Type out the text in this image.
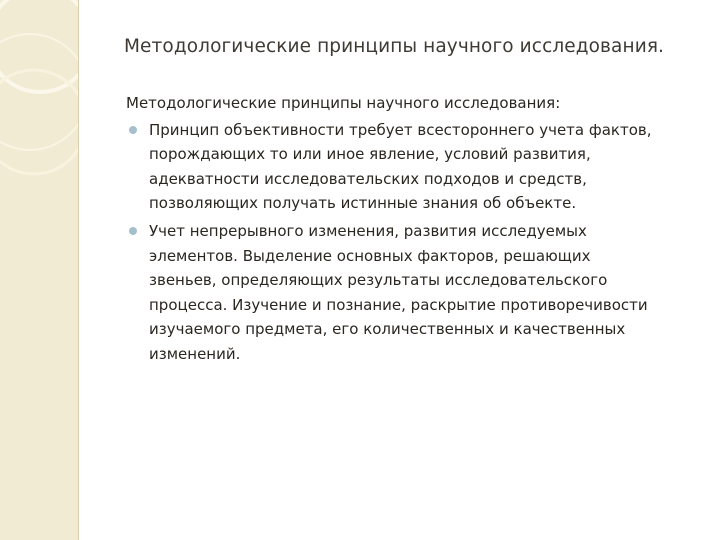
Методологические принципы научного исследования.

Методологические принципы научного исследования:

Принцип объективности требует всестороннего учета фактов,
порождающих то или иное явление, условий развития,
адекватности исследовательских подходов и средств,
позволяющих получать истинные знания об объекте.
Учет непрерывного изменения, развития исследуемых
элементов. Выделение основных факторов, решающих
звеньев, определяющих результаты исследовательского
процесса. Изучение и познание, раскрытие противоречивости
изучаемого предмета, его количественных и качественных
изменений.
